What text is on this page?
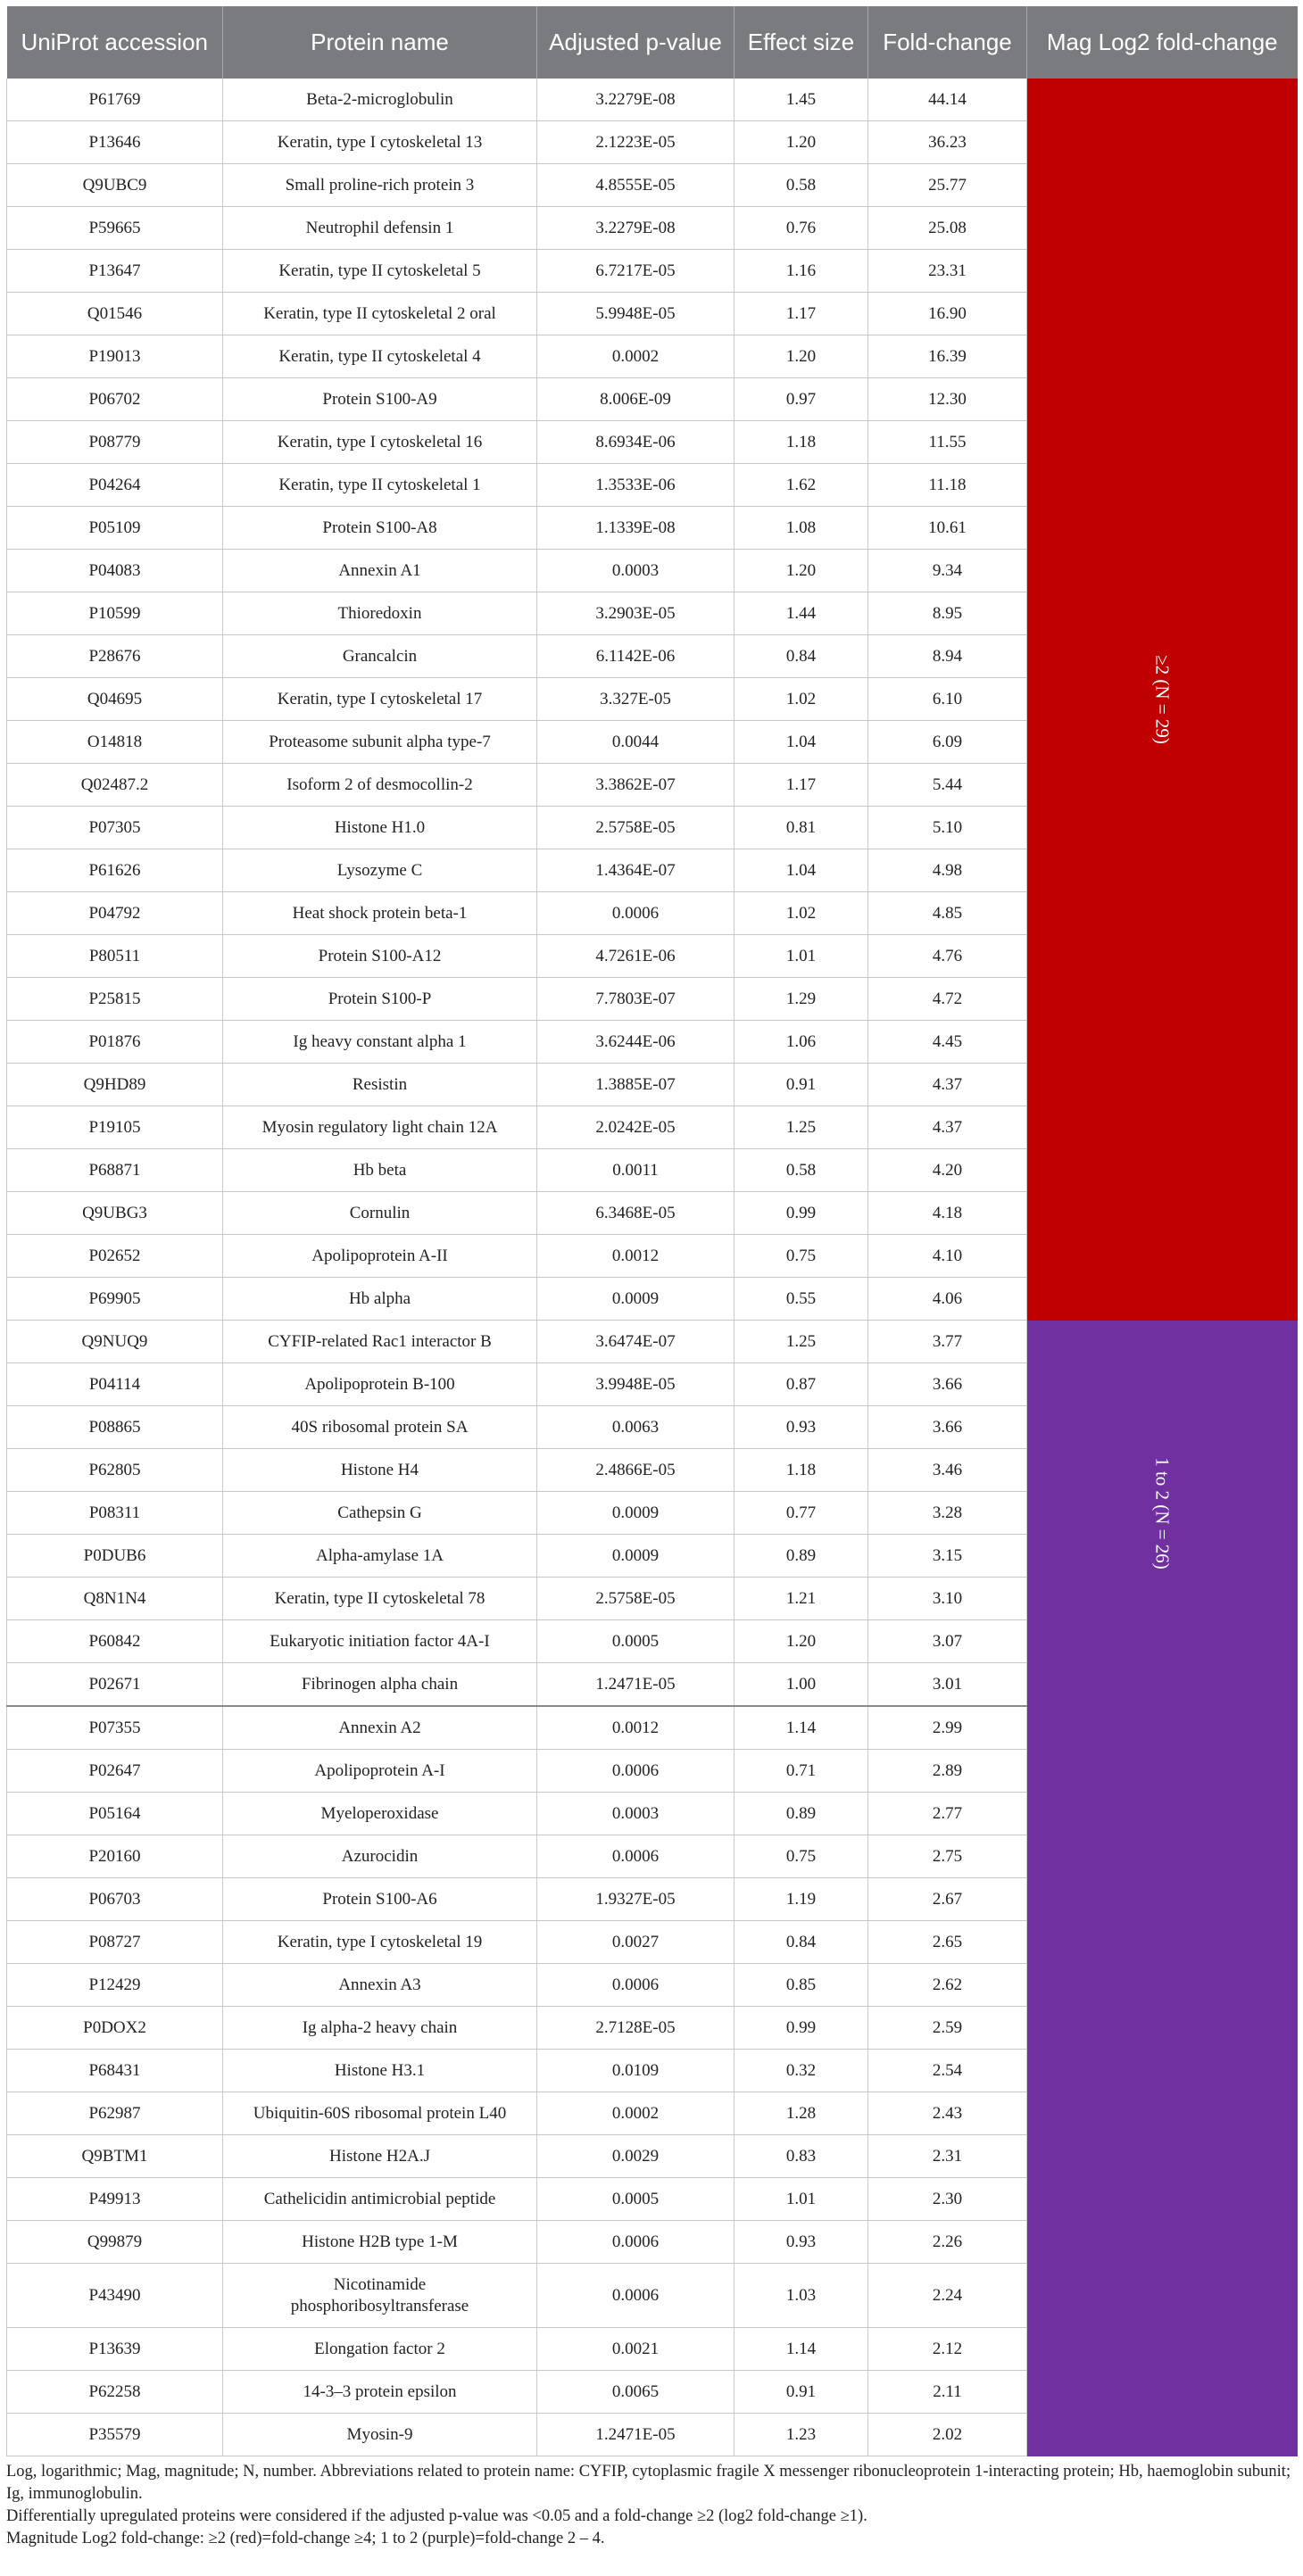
UniProt accession	Protein name	Adjusted p-value	Effect size	Fold-change	Mag Log2 fold-change
P61769	Beta-2-microglobulin	3.2279E-08	1.45	44.14	≥2 (N = 29)

P13646	Keratin, type I cytoskeletal 13	2.1223E-05	1.20	36.23	
Q9UBC9	Small proline-rich protein 3	4.8555E-05	0.58	25.77	
P59665	Neutrophil defensin 1	3.2279E-08	0.76	25.08	
P13647	Keratin, type II cytoskeletal 5	6.7217E-05	1.16	23.31	
Q01546	Keratin, type II cytoskeletal 2 oral	5.9948E-05	1.17	16.90	
P19013	Keratin, type II cytoskeletal 4	0.0002	1.20	16.39	
P06702	Protein S100-A9	8.006E-09	0.97	12.30	
P08779	Keratin, type I cytoskeletal 16	8.6934E-06	1.18	11.55	
P04264	Keratin, type II cytoskeletal 1	1.3533E-06	1.62	11.18	
P05109	Protein S100-A8	1.1339E-08	1.08	10.61	
P04083	Annexin A1	0.0003	1.20	9.34	
P10599	Thioredoxin	3.2903E-05	1.44	8.95	
P28676	Grancalcin	6.1142E-06	0.84	8.94	
Q04695	Keratin, type I cytoskeletal 17	3.327E-05	1.02	6.10	
O14818	Proteasome subunit alpha type-7	0.0044	1.04	6.09	
Q02487.2	Isoform 2 of desmocollin-2	3.3862E-07	1.17	5.44	
P07305	Histone H1.0	2.5758E-05	0.81	5.10	
P61626	Lysozyme C	1.4364E-07	1.04	4.98	
P04792	Heat shock protein beta-1	0.0006	1.02	4.85	
P80511	Protein S100-A12	4.7261E-06	1.01	4.76	
P25815	Protein S100-P	7.7803E-07	1.29	4.72	
P01876	Ig heavy constant alpha 1	3.6244E-06	1.06	4.45	
Q9HD89	Resistin	1.3885E-07	0.91	4.37	
P19105	Myosin regulatory light chain 12A	2.0242E-05	1.25	4.37	
P68871	Hb beta	0.0011	0.58	4.20	
Q9UBG3	Cornulin	6.3468E-05	0.99	4.18	
P02652	Apolipoprotein A-II	0.0012	0.75	4.10	
P69905	Hb alpha	0.0009	0.55	4.06	
Q9NUQ9	CYFIP-related Rac1 interactor B	3.6474E-07	1.25	3.77	1 to 2 (N = 26)

P04114	Apolipoprotein B-100	3.9948E-05	0.87	3.66	
P08865	40S ribosomal protein SA	0.0063	0.93	3.66	
P62805	Histone H4	2.4866E-05	1.18	3.46	
P08311	Cathepsin G	0.0009	0.77	3.28	
P0DUB6	Alpha-amylase 1A	0.0009	0.89	3.15	
Q8N1N4	Keratin, type II cytoskeletal 78	2.5758E-05	1.21	3.10	
P60842	Eukaryotic initiation factor 4A-I	0.0005	1.20	3.07	
P02671	Fibrinogen alpha chain	1.2471E-05	1.00	3.01	
P07355	Annexin A2	0.0012	1.14	2.99	

P02647	Apolipoprotein A-I	0.0006	0.71	2.89	
P05164	Myeloperoxidase	0.0003	0.89	2.77	
P20160	Azurocidin	0.0006	0.75	2.75	
P06703	Protein S100-A6	1.9327E-05	1.19	2.67	
P08727	Keratin, type I cytoskeletal 19	0.0027	0.84	2.65	
P12429	Annexin A3	0.0006	0.85	2.62	
P0DOX2	Ig alpha-2 heavy chain	2.7128E-05	0.99	2.59	
P68431	Histone H3.1	0.0109	0.32	2.54	
P62987	Ubiquitin-60S ribosomal protein L40	0.0002	1.28	2.43	
Q9BTM1	Histone H2A.J	0.0029	0.83	2.31	
P49913	Cathelicidin antimicrobial peptide	0.0005	1.01	2.30	
Q99879	Histone H2B type 1-M	0.0006	0.93	2.26	
P43490	Nicotinamide phosphoribosyltransferase	0.0006	1.03	2.24	
P13639	Elongation factor 2	0.0021	1.14	2.12	
P62258	14-3–3 protein epsilon	0.0065	0.91	2.11	
P35579	Myosin-9	1.2471E-05	1.23	2.02	

Log, logarithmic; Mag, magnitude; N, number. Abbreviations related to protein name: CYFIP, cytoplasmic fragile X messenger ribonucleoprotein 1-interacting protein; Hb, haemoglobin subunit; Ig, immunoglobulin.

Differentially upregulated proteins were considered if the adjusted p-value was <0.05 and a fold-change ≥2 (log2 fold-change ≥1).

Magnitude Log2 fold-change: ≥2 (red)=fold-change ≥4; 1 to 2 (purple)=fold-change 2 – 4.
